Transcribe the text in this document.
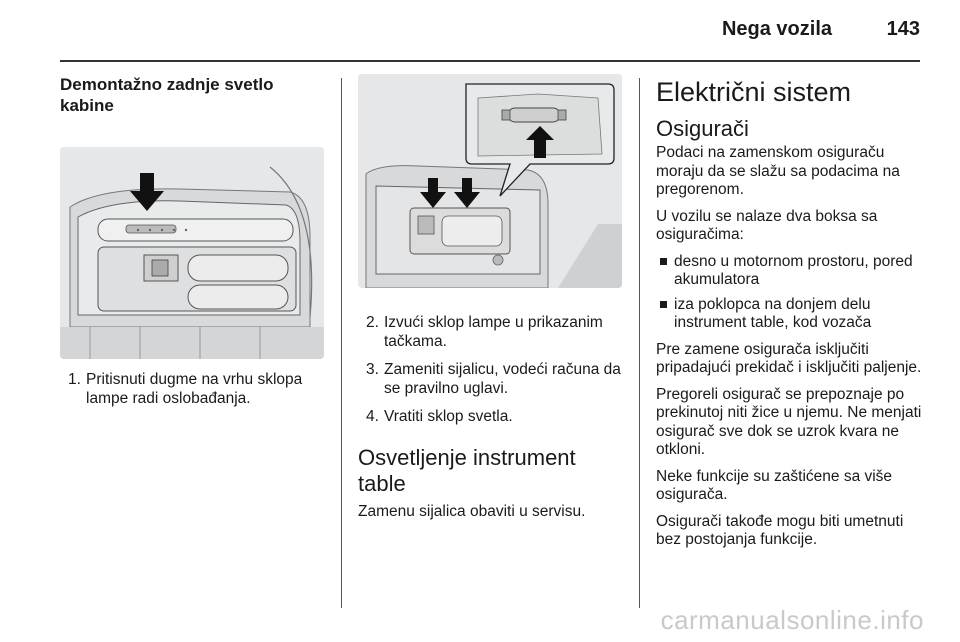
Nega vozila	143
Demontažno zadnje svetlo kabine
1. Pritisnuti dugme na vrhu sklopa lampe radi oslobađanja.
2. Izvući sklop lampe u prikazanim tačkama.
3. Zameniti sijalicu, vodeći računa da se pravilno uglavi.
4. Vratiti sklop svetla.
Osvetljenje instrument table

Zamenu sijalica obaviti u servisu.

Električni sistem
Osigurači

Podaci na zamenskom osiguraču moraju da se slažu sa podacima na pregorenom.

U vozilu se nalaze dva boksa sa osiguračima:

desno u motornom prostoru, pored akumulatora
iza poklopca na donjem delu instrument table, kod vozača

Pre zamene osigurača isključiti pripadajući prekidač i isključiti paljenje.

Pregoreli osigurač se prepoznaje po prekinutoj niti žice u njemu. Ne menjati osigurač sve dok se uzrok kvara ne otkloni.

Neke funkcije su zaštićene sa više osigurača.

Osigurači takođe mogu biti umetnuti bez postojanja funkcije.

carmanualsonline.info
